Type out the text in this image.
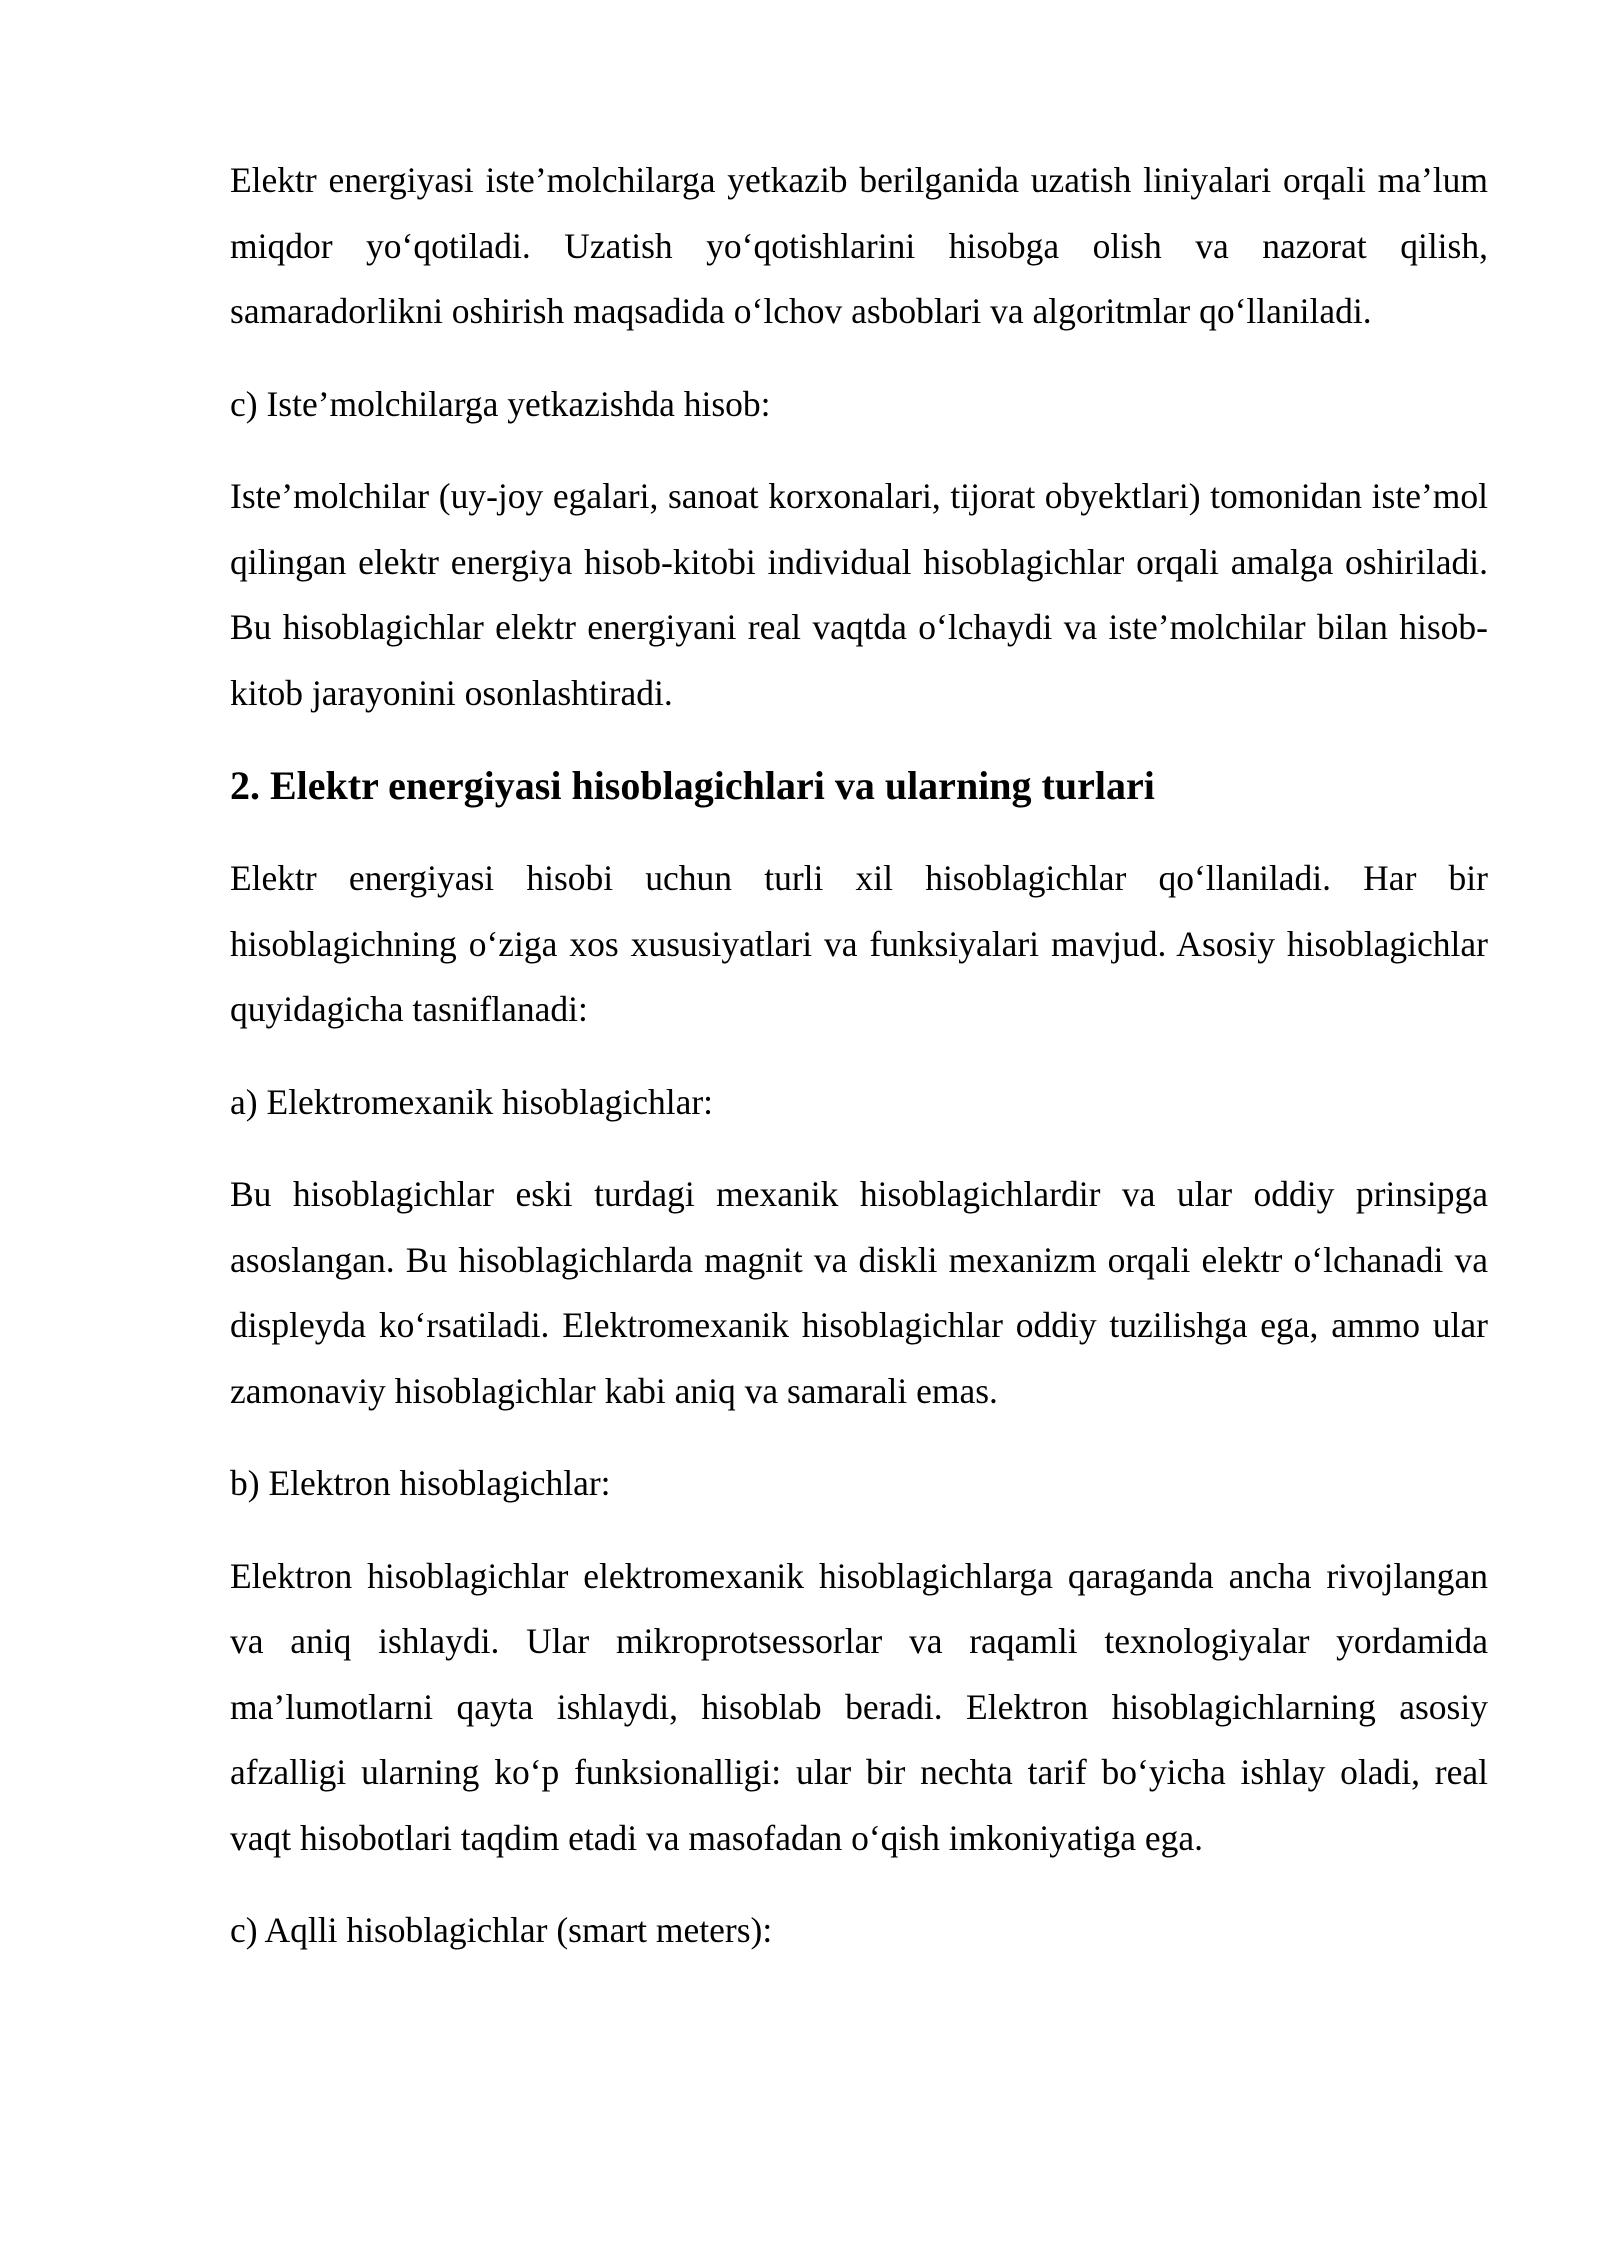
Elektr energiyasi iste’molchilarga yetkazib berilganida uzatish liniyalari orqali ma’lum miqdor yo‘qotiladi. Uzatish yo‘qotishlarini hisobga olish va nazorat qilish, samaradorlikni oshirish maqsadida o‘lchov asboblari va algoritmlar qo‘llaniladi.

c) Iste’molchilarga yetkazishda hisob:

Iste’molchilar (uy-joy egalari, sanoat korxonalari, tijorat obyektlari) tomonidan iste’mol qilingan elektr energiya hisob-kitobi individual hisoblagichlar orqali amalga oshiriladi. Bu hisoblagichlar elektr energiyani real vaqtda o‘lchaydi va iste’molchilar bilan hisob-kitob jarayonini osonlashtiradi.

2. Elektr energiyasi hisoblagichlari va ularning turlari

Elektr energiyasi hisobi uchun turli xil hisoblagichlar qo‘llaniladi. Har bir hisoblagichning o‘ziga xos xususiyatlari va funksiyalari mavjud. Asosiy hisoblagichlar quyidagicha tasniflanadi:

a) Elektromexanik hisoblagichlar:

Bu hisoblagichlar eski turdagi mexanik hisoblagichlardir va ular oddiy prinsipga asoslangan. Bu hisoblagichlarda magnit va diskli mexanizm orqali elektr o‘lchanadi va displeyda ko‘rsatiladi. Elektromexanik hisoblagichlar oddiy tuzilishga ega, ammo ular zamonaviy hisoblagichlar kabi aniq va samarali emas.

b) Elektron hisoblagichlar:

Elektron hisoblagichlar elektromexanik hisoblagichlarga qaraganda ancha rivojlangan va aniq ishlaydi. Ular mikroprotsessorlar va raqamli texnologiyalar yordamida ma’lumotlarni qayta ishlaydi, hisoblab beradi. Elektron hisoblagichlarning asosiy afzalligi ularning ko‘p funksionalligi: ular bir nechta tarif bo‘yicha ishlay oladi, real vaqt hisobotlari taqdim etadi va masofadan o‘qish imkoniyatiga ega.

c) Aqlli hisoblagichlar (smart meters):
